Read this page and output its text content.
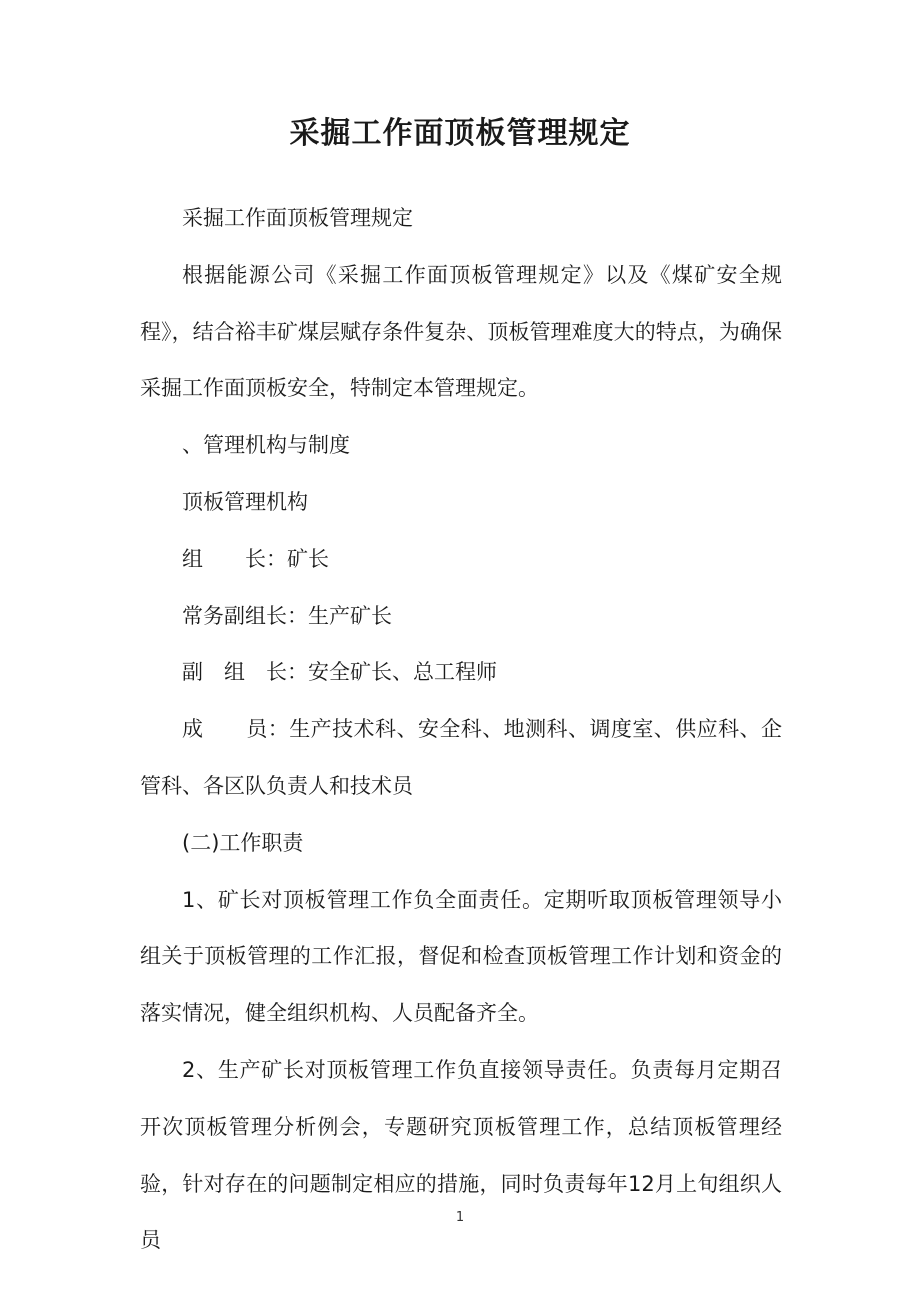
采掘工作面顶板管理规定

采掘工作面顶板管理规定

根据能源公司《采掘工作面顶板管理规定》以及《煤矿安全规程》，结合裕丰矿煤层赋存条件复杂、顶板管理难度大的特点，为确保采掘工作面顶板安全，特制定本管理规定。

、管理机构与制度

顶板管理机构

组　　长：矿长

常务副组长：生产矿长

副　组　长：安全矿长、总工程师

成　　员：生产技术科、安全科、地测科、调度室、供应科、企管科、各区队负责人和技术员

(二)工作职责

1、矿长对顶板管理工作负全面责任。定期听取顶板管理领导小组关于顶板管理的工作汇报，督促和检查顶板管理工作计划和资金的落实情况，健全组织机构、人员配备齐全。

2、生产矿长对顶板管理工作负直接领导责任。负责每月定期召开次顶板管理分析例会，专题研究顶板管理工作，总结顶板管理经验，针对存在的问题制定相应的措施，同时负责每年12月上旬组织人员

1
